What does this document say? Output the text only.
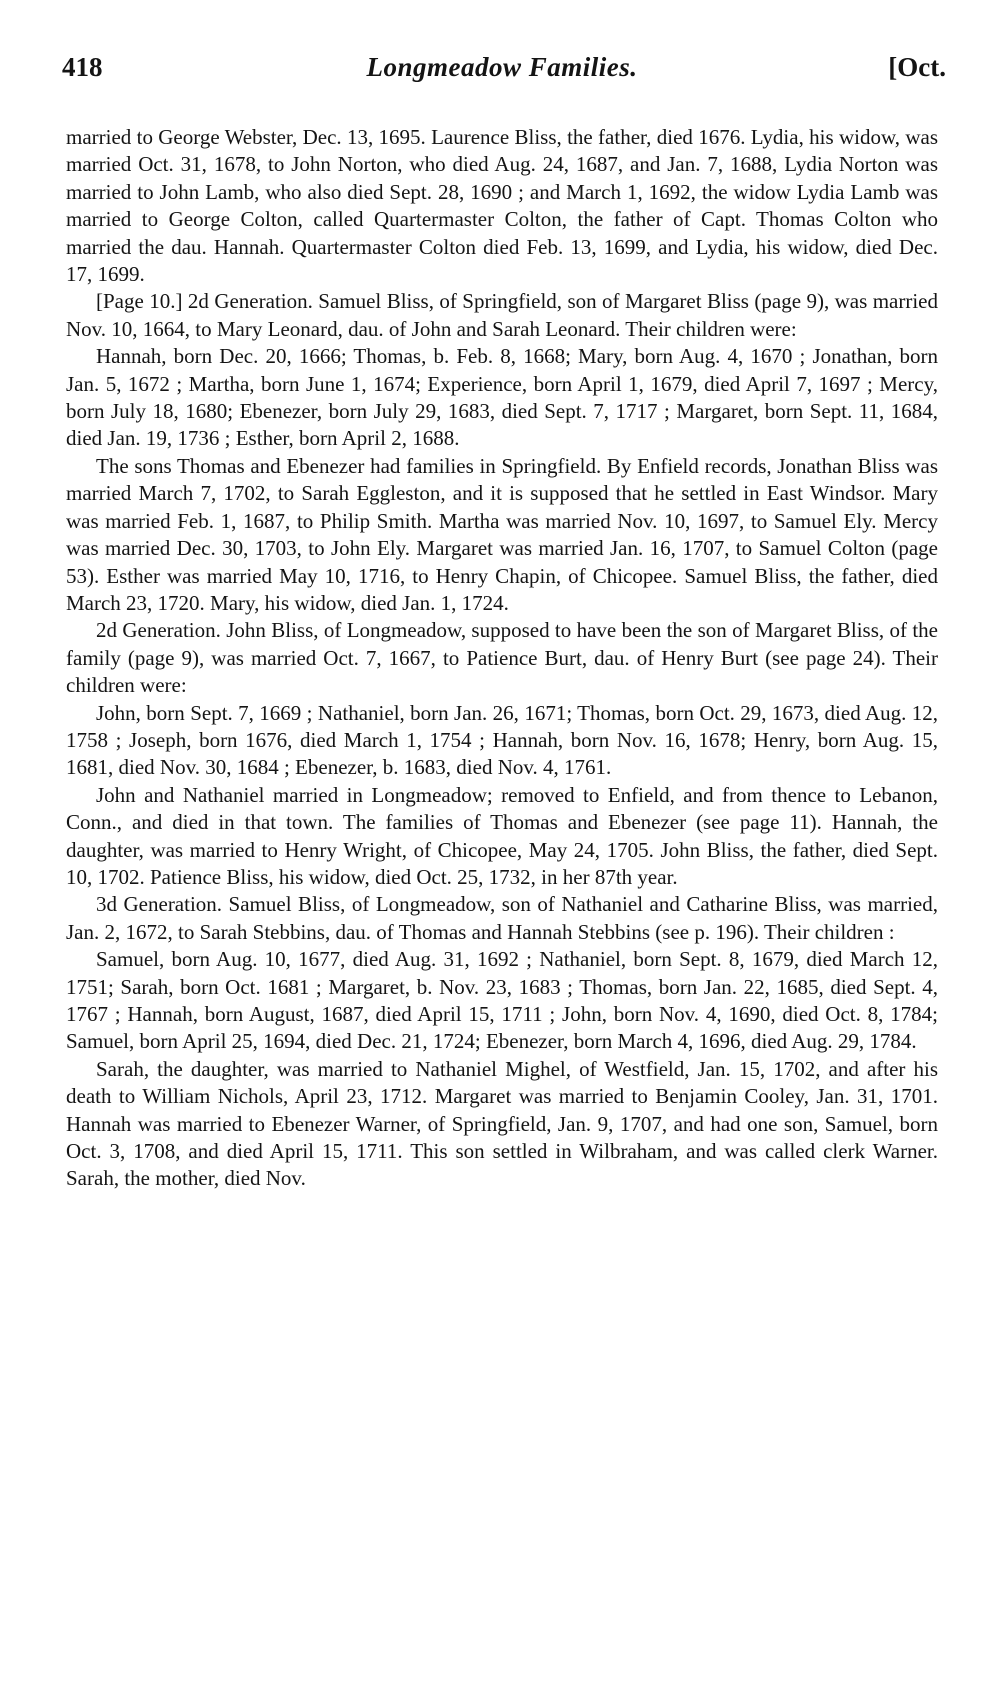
418	Longmeadow Families.	[Oct.

married to George Webster, Dec. 13, 1695. Laurence Bliss, the father, died 1676. Lydia, his widow, was married Oct. 31, 1678, to John Norton, who died Aug. 24, 1687, and Jan. 7, 1688, Lydia Norton was married to John Lamb, who also died Sept. 28, 1690 ; and March 1, 1692, the widow Lydia Lamb was married to George Colton, called Quartermaster Colton, the father of Capt. Thomas Colton who married the dau. Hannah. Quartermaster Colton died Feb. 13, 1699, and Lydia, his widow, died Dec. 17, 1699.

[Page 10.] 2d Generation. Samuel Bliss, of Springfield, son of Margaret Bliss (page 9), was married Nov. 10, 1664, to Mary Leonard, dau. of John and Sarah Leonard. Their children were:

Hannah, born Dec. 20, 1666; Thomas, b. Feb. 8, 1668; Mary, born Aug. 4, 1670 ; Jonathan, born Jan. 5, 1672 ; Martha, born June 1, 1674; Experience, born April 1, 1679, died April 7, 1697 ; Mercy, born July 18, 1680; Ebenezer, born July 29, 1683, died Sept. 7, 1717 ; Margaret, born Sept. 11, 1684, died Jan. 19, 1736 ; Esther, born April 2, 1688.

The sons Thomas and Ebenezer had families in Springfield. By Enfield records, Jonathan Bliss was married March 7, 1702, to Sarah Eggleston, and it is supposed that he settled in East Windsor. Mary was married Feb. 1, 1687, to Philip Smith. Martha was married Nov. 10, 1697, to Samuel Ely. Mercy was married Dec. 30, 1703, to John Ely. Margaret was married Jan. 16, 1707, to Samuel Colton (page 53). Esther was married May 10, 1716, to Henry Chapin, of Chicopee. Samuel Bliss, the father, died March 23, 1720. Mary, his widow, died Jan. 1, 1724.

2d Generation. John Bliss, of Longmeadow, supposed to have been the son of Margaret Bliss, of the family (page 9), was married Oct. 7, 1667, to Patience Burt, dau. of Henry Burt (see page 24). Their children were:

John, born Sept. 7, 1669 ; Nathaniel, born Jan. 26, 1671; Thomas, born Oct. 29, 1673, died Aug. 12, 1758 ; Joseph, born 1676, died March 1, 1754 ; Hannah, born Nov. 16, 1678; Henry, born Aug. 15, 1681, died Nov. 30, 1684 ; Ebenezer, b. 1683, died Nov. 4, 1761.

John and Nathaniel married in Longmeadow; removed to Enfield, and from thence to Lebanon, Conn., and died in that town. The families of Thomas and Ebenezer (see page 11). Hannah, the daughter, was married to Henry Wright, of Chicopee, May 24, 1705. John Bliss, the father, died Sept. 10, 1702. Patience Bliss, his widow, died Oct. 25, 1732, in her 87th year.

3d Generation. Samuel Bliss, of Longmeadow, son of Nathaniel and Catharine Bliss, was married, Jan. 2, 1672, to Sarah Stebbins, dau. of Thomas and Hannah Stebbins (see p. 196). Their children :

Samuel, born Aug. 10, 1677, died Aug. 31, 1692 ; Nathaniel, born Sept. 8, 1679, died March 12, 1751; Sarah, born Oct. 1681 ; Margaret, b. Nov. 23, 1683 ; Thomas, born Jan. 22, 1685, died Sept. 4, 1767 ; Hannah, born August, 1687, died April 15, 1711 ; John, born Nov. 4, 1690, died Oct. 8, 1784; Samuel, born April 25, 1694, died Dec. 21, 1724; Ebenezer, born March 4, 1696, died Aug. 29, 1784.

Sarah, the daughter, was married to Nathaniel Mighel, of Westfield, Jan. 15, 1702, and after his death to William Nichols, April 23, 1712. Margaret was married to Benjamin Cooley, Jan. 31, 1701. Hannah was married to Ebenezer Warner, of Springfield, Jan. 9, 1707, and had one son, Samuel, born Oct. 3, 1708, and died April 15, 1711. This son settled in Wilbraham, and was called clerk Warner. Sarah, the mother, died Nov.
